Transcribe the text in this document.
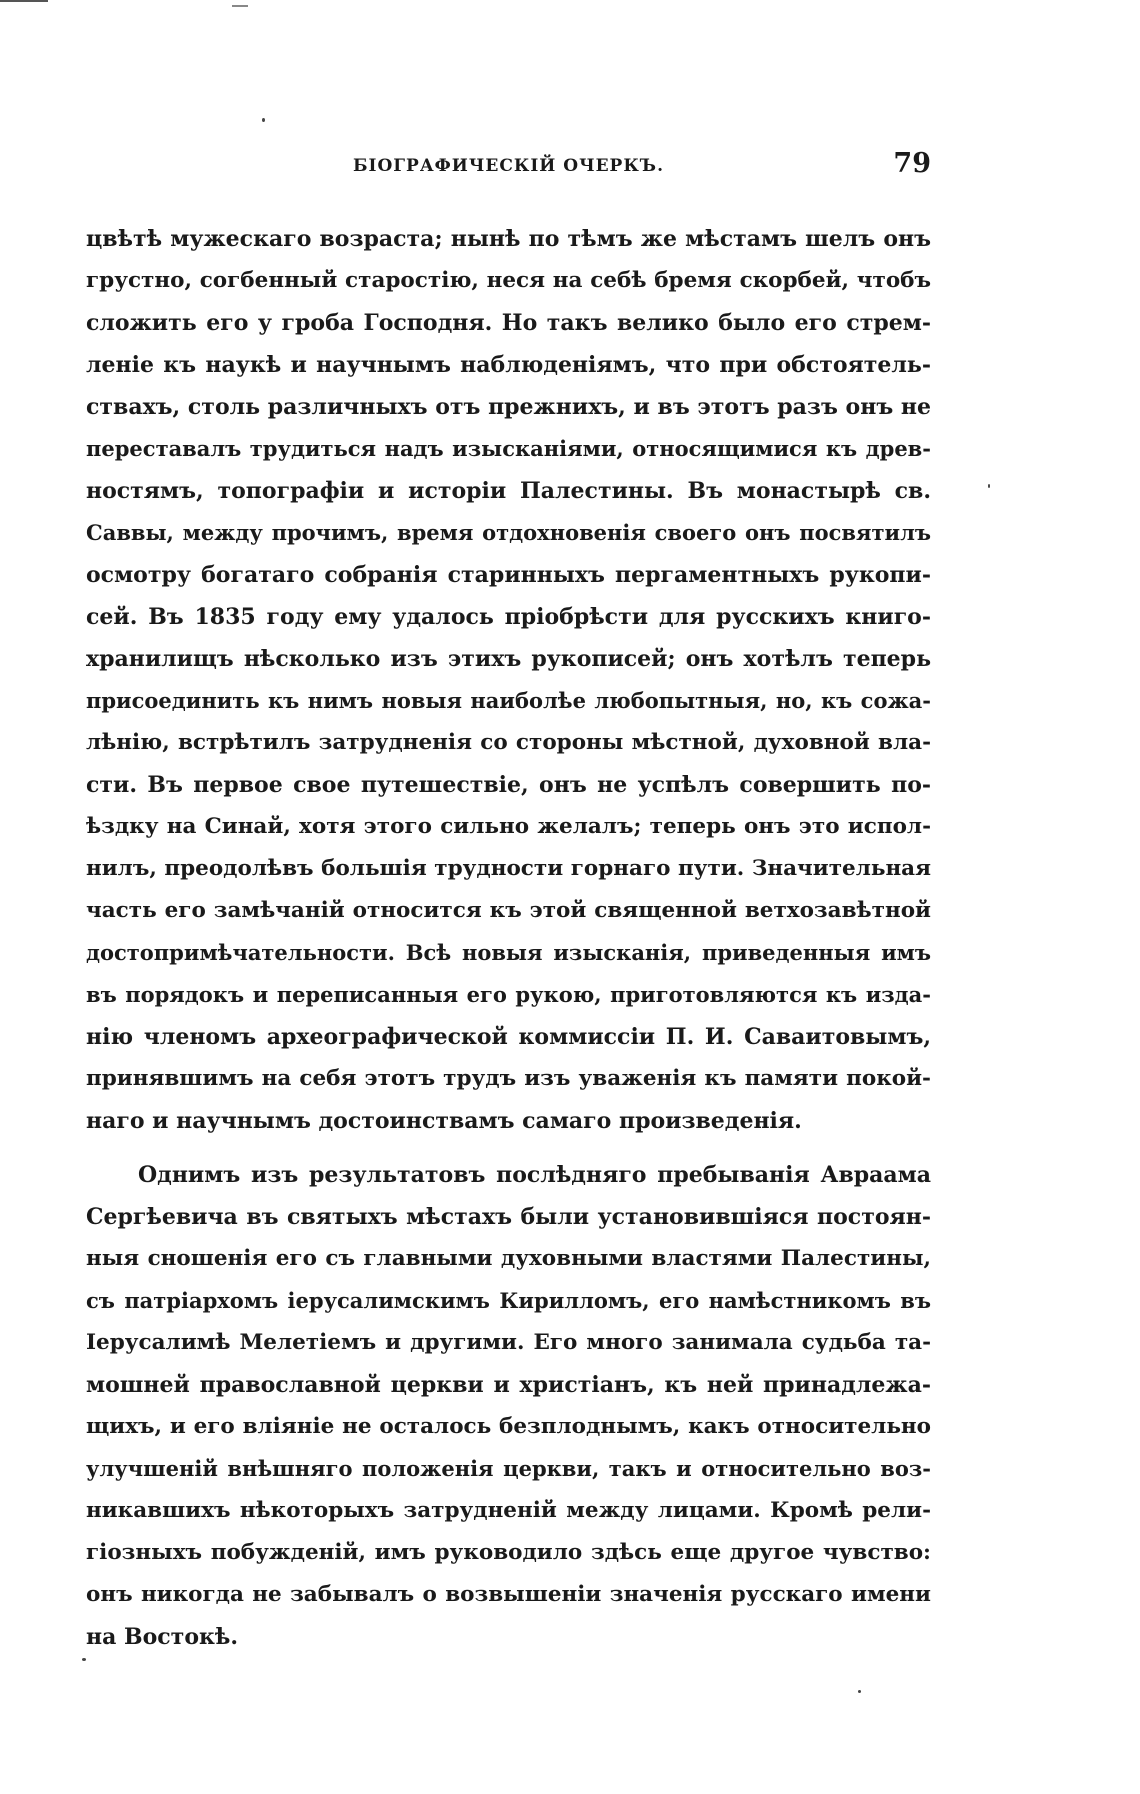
БІОГРАФИЧЕСКІЙ ОЧЕРКЪ.	79
цвѣтѣ мужескаго возраста; нынѣ по тѣмъ же мѣстамъ шелъ онъ
грустно, согбенный старостію, неся на себѣ бремя скорбей, чтобъ
сложить его у гроба Господня. Но такъ велико было его стрем-
леніе къ наукѣ и научнымъ наблюденіямъ, что при обстоятель-
ствахъ, столь различныхъ отъ прежнихъ, и въ этотъ разъ онъ не
переставалъ трудиться надъ изысканіями, относящимися къ древ-
ностямъ, топографіи и исторіи Палестины. Въ монастырѣ св.
Саввы, между прочимъ, время отдохновенія своего онъ посвятилъ
осмотру богатаго собранія старинныхъ пергаментныхъ рукопи-
сей. Въ 1835 году ему удалось пріобрѣсти для русскихъ книго-
хранилищъ нѣсколько изъ этихъ рукописей; онъ хотѣлъ теперь
присоединить къ нимъ новыя наиболѣе любопытныя, но, къ сожа-
лѣнію, встрѣтилъ затрудненія со стороны мѣстной, духовной вла-
сти. Въ первое свое путешествіе, онъ не успѣлъ совершить по-
ѣздку на Синай, хотя этого сильно желалъ; теперь онъ это испол-
нилъ, преодолѣвъ большія трудности горнаго пути. Значительная
часть его замѣчаній относится къ этой священной ветхозавѣтной
достопримѣчательности. Всѣ новыя изысканія, приведенныя имъ
въ порядокъ и переписанныя его рукою, приготовляются къ изда-
нію членомъ археографической коммиссіи П. И. Саваитовымъ,
принявшимъ на себя этотъ трудъ изъ уваженія къ памяти покой-
наго и научнымъ достоинствамъ самаго произведенія.
Однимъ изъ результатовъ послѣдняго пребыванія Авраама
Сергѣевича въ святыхъ мѣстахъ были установившіяся постоян-
ныя сношенія его съ главными духовными властями Палестины,
съ патріархомъ іерусалимскимъ Кирилломъ, его намѣстникомъ въ
Іерусалимѣ Мелетіемъ и другими. Его много занимала судьба та-
мошней православной церкви и христіанъ, къ ней принадлежа-
щихъ, и его вліяніе не осталось безплоднымъ, какъ относительно
улучшеній внѣшняго положенія церкви, такъ и относительно воз-
никавшихъ нѣкоторыхъ затрудненій между лицами. Кромѣ рели-
гіозныхъ побужденій, имъ руководило здѣсь еще другое чувство:
онъ никогда не забывалъ о возвышеніи значенія русскаго имени
на Востокѣ.
